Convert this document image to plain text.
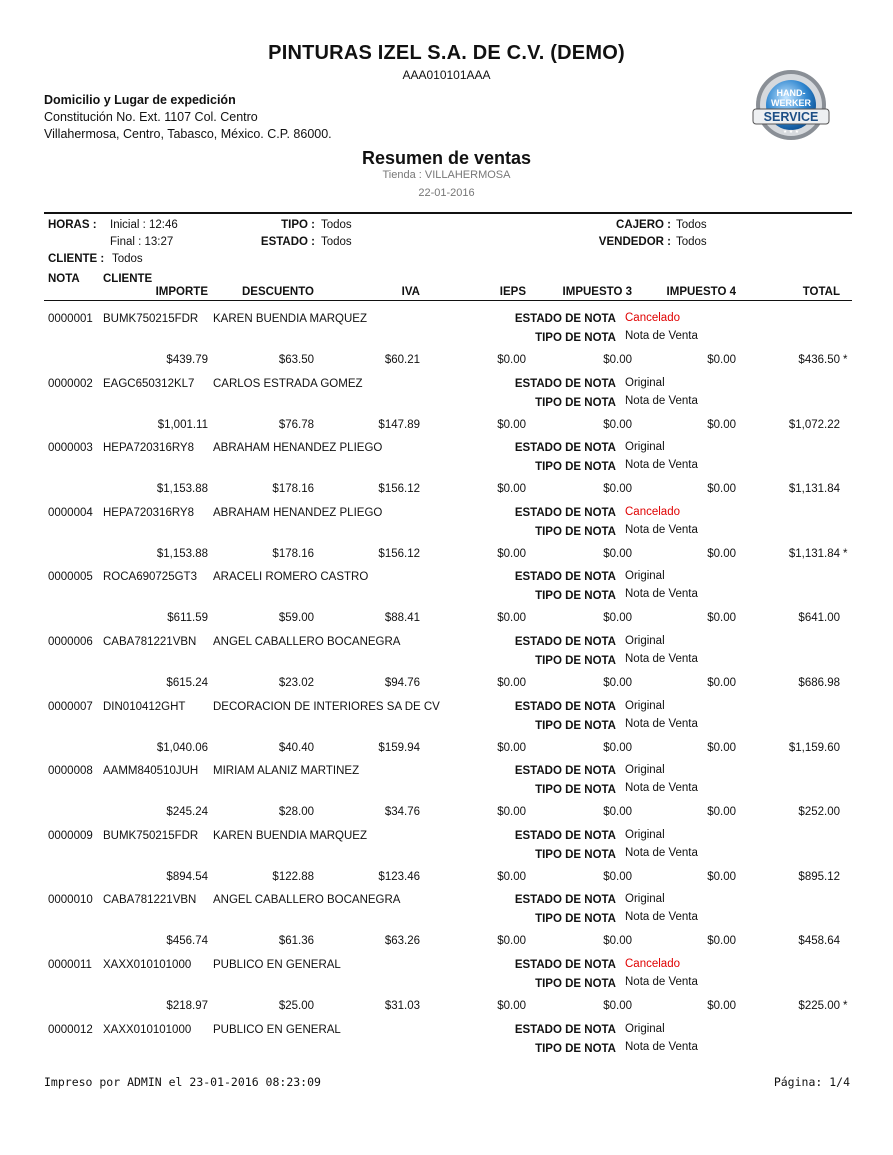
PINTURAS IZEL S.A. DE C.V. (DEMO)
AAA010101AAA
Domicilio y Lugar de expedición
Constitución No. Ext. 1107 Col. Centro
Villahermosa, Centro, Tabasco, México. C.P. 86000.
HAND-
WERKER
SERVICE
★ ★ ★
Resumen de ventas
Tienda : VILLAHERMOSA
22-01-2016
HORAS : Inicial : 12:46
Final : 13:27
TIPO : Todos
ESTADO : Todos
CAJERO : Todos
VENDEDOR : Todos
CLIENTE : Todos
NOTA CLIENTE
IMPORTE	DESCUENTO	IVA	IEPS	IMPUESTO 3	IMPUESTO 4	TOTAL
0000001 BUMK750215FDR KAREN BUENDIA MARQUEZ	ESTADO DE NOTA Cancelado
TIPO DE NOTA Nota de Venta
$439.79	$63.50	$60.21	$0.00	$0.00	$0.00	$436.50 *
0000002 EAGC650312KL7 CARLOS ESTRADA GOMEZ	ESTADO DE NOTA Original
TIPO DE NOTA Nota de Venta
$1,001.11	$76.78	$147.89	$0.00	$0.00	$0.00	$1,072.22
0000003 HEPA720316RY8 ABRAHAM HENANDEZ PLIEGO	ESTADO DE NOTA Original
TIPO DE NOTA Nota de Venta
$1,153.88	$178.16	$156.12	$0.00	$0.00	$0.00	$1,131.84
0000004 HEPA720316RY8 ABRAHAM HENANDEZ PLIEGO	ESTADO DE NOTA Cancelado
TIPO DE NOTA Nota de Venta
$1,153.88	$178.16	$156.12	$0.00	$0.00	$0.00	$1,131.84 *
0000005 ROCA690725GT3 ARACELI ROMERO CASTRO	ESTADO DE NOTA Original
TIPO DE NOTA Nota de Venta
$611.59	$59.00	$88.41	$0.00	$0.00	$0.00	$641.00
0000006 CABA781221VBN ANGEL CABALLERO BOCANEGRA	ESTADO DE NOTA Original
TIPO DE NOTA Nota de Venta
$615.24	$23.02	$94.76	$0.00	$0.00	$0.00	$686.98
0000007 DIN010412GHT DECORACION DE INTERIORES SA DE CV	ESTADO DE NOTA Original
TIPO DE NOTA Nota de Venta
$1,040.06	$40.40	$159.94	$0.00	$0.00	$0.00	$1,159.60
0000008 AAMM840510JUH MIRIAM ALANIZ MARTINEZ	ESTADO DE NOTA Original
TIPO DE NOTA Nota de Venta
$245.24	$28.00	$34.76	$0.00	$0.00	$0.00	$252.00
0000009 BUMK750215FDR KAREN BUENDIA MARQUEZ	ESTADO DE NOTA Original
TIPO DE NOTA Nota de Venta
$894.54	$122.88	$123.46	$0.00	$0.00	$0.00	$895.12
0000010 CABA781221VBN ANGEL CABALLERO BOCANEGRA	ESTADO DE NOTA Original
TIPO DE NOTA Nota de Venta
$456.74	$61.36	$63.26	$0.00	$0.00	$0.00	$458.64
0000011 XAXX010101000 PUBLICO EN GENERAL	ESTADO DE NOTA Cancelado
TIPO DE NOTA Nota de Venta
$218.97	$25.00	$31.03	$0.00	$0.00	$0.00	$225.00 *
0000012 XAXX010101000 PUBLICO EN GENERAL	ESTADO DE NOTA Original
TIPO DE NOTA Nota de Venta
Impreso por ADMIN el 23-01-2016 08:23:09	Página: 1/4
